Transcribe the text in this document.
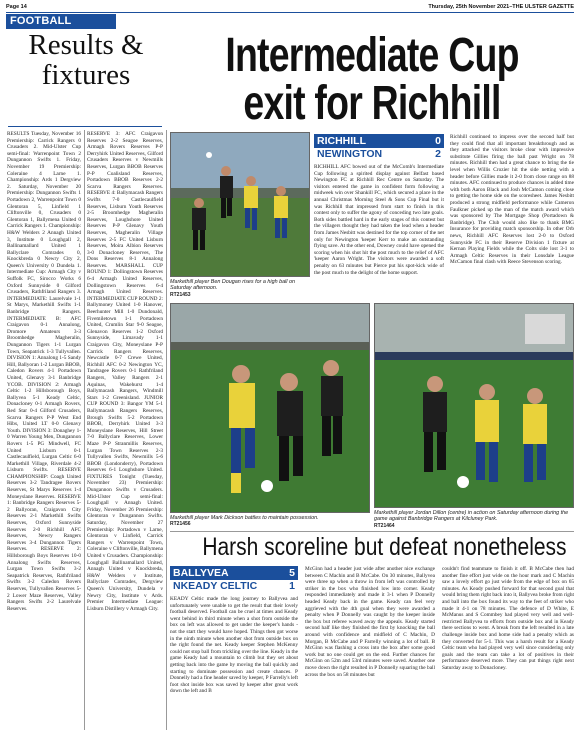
Page 14	Thursday, 25th November 2021–THE ULSTER GAZETTE
FOOTBALL
Results &
fixtures	Intermediate Cup
exit for Richhill
RESULTS Tuesday, November 16 Premiership: Carrick Rangers 0 Crusaders 2. Mid-Ulster Cup semi-final: Warrenpoint Town 2 Dungannon Swifts 1. Friday, November 19 Premiership: Coleraine 4 Larne 1. Championship: Ards 1 Dergview 2. Saturday, November 20 Premiership: Dungannon Swifts 1 Portadown 2, Warrenpoint Town 0 Glentoran 5, Linfield 1 Cliftonville 0, Crusaders 0 Glentoran 1, Ballymena United 0 Carrick Rangers 1. Championship: H&W Welders 2 Annagh United 3, Institute 0 Loughgall 2, Ballinamallard United 1 Ballyclare Comrades 0, Knockbreda 0 Newry City 2, Queen's University 0 Dundela 1. Intermediate Cup: Armagh City v Suffolk FC, Sirocco Works 6 Oxford Sunnyside 0 Gilford Crusaders, Rathfriland Rangers 3. INTERMEDIATE: Laurelvale 1-1 St Marys, Markethill Swifts 1-1 Banbridge Rangers. INTERMEDIATE B: AFC Craigavon 0-1 Annalong, Dromore Amateurs 3-3 Broomhedge Magheralin, Dungannon Tigers 1-1 Lurgan Town, Seapatrick 1-3 Tullyvallen. DIVISION 1: Annalong 1-5 Sandy Hill, Ballyoran 1-2 Lurgan BBOB, Caledon Rovers 4-1 Portadown United, Glenavy 3-1 Banbridge YCOB. DIVISION 2: Armagh Celtic 1-2 Hillsborough Boys, Ballyvea 5-1 Keady Celtic, Donacloney 0-1 Armagh Rovers, Red Star 0-4 Gilford Crusaders, Scarva Rangers P-P West End Hibs, United LT 0-0 Glenavy Youth. DIVISION 3: Donaghey 1-0 Warren Young Men, Dungannon Rovers 1-5 PG Mindwell, FC United Lisburn 0-1 Castlecaulfield, Lurgan Celtic 6-0 Markethill Village, Riverdale 4-2 Lisburn Swifts. RESERVE CHAMPIONSHIP: Coagh United Reserves 3-2 Tandragee Rovers Reserves, St Marys Reserves 1-4 Moneyslane Reserves. RESERVE 1: Banbridge Rangers Reserves 5-2 Ballyoran, Craigavon City Reserves 2-1 Markethill Swifts Reserves, Oxford Sunnyside Reserves 2-0 Richhill AFC Reserves, Newry Rangers Reserves 3-4 Dungannon Tigers Reserves. RESERVE 2: Hillsborough Boys Reserves 10-0 Annalong Swifts Reserves, Lurgan Town Swifts 3-2 Seapatrick Reserves, Rathfriland Swifts 3-2 Caledon Rovers Reserves, Tullyvallen Reserves 5-2 Lower Maze Reserves, Valley Rangers Swifts 2-2 Laurelvale Reserves.
RESERVE 3: AFC Craigavon Reserves 2-2 Seagoe Reserves, Armagh Rovers Reserves P-P Derryhirk United Reserves, Gilford Crusaders Reserves v Newmills Reserves, Lurgan BBOB Reserves P-P Coalisland Reserves, Portadown BBOB Reserves 2-2 Scarva Rangers Reserves. RESERVE 4: Ballymacash Rangers Swifts 7-0 Castlecaulfield Reserves, Lisburn Youth Reserves 2-5 Broomhedge Magheralin Reserves, Loughshore United Reserves P-P Glenavy Youth Reserves, Magheralin Village Reserves 2-5 FC United Lisburn Reserves, Moira Albion Reserves 3-0 Donacloney Reserves, The Dons Reserves 8-1 Annalong Reserves. MARSHALL CUP ROUND 1: Dollingstown Reserves 6-4 Armagh United Reserves, Dollingstown Reserves 6-4 Armagh United Reserves. INTERMEDIATE CUP ROUND 2: Ballymoney United 1-0 Hanover, Beerhunter Mill 1-0 Dundonald, Fivemiletown 1-1 Portadown United, Crumlin Star 9-0 Seagoe, Glenavon Reserves 1-2 Oxford Sunnyside, Limavady 1-1 Craigavon City, Moneyslane P-P Carrick Rangers Reserves, Newcastle 0-7 Crewe United, Richhill AFC 0-2 Newington YC, Tandragee Rovers 0-1 Rathfriland Rangers, Valley Rangers 2-1 Aquinas, Wakehurst 1-4 Ballymacash Rangers, Windmill Stars 1-2 Greenisland. JUNIOR CUP ROUND 3: Bangor YM 5-1 Ballymacash Rangers Reserves, Brough Swifts 5-2 Portadown BBOB, Derryhirk United 3-3 Moneyslane Reserves, Hill Street 7-0 Ballyclare Reserves, Lower Maze P-P Stranmillis Reserves, Lurgan Town Reserves 2-3 Tullyvallen Swifts, Newmills 5-6 BBOB (Londonderry), Portadown Reserves 6-1 Loughshore United. FIXTURES Tonight (Tuesday, November 23) Premiership: Dungannon Swifts v Crusaders. Mid-Ulster Cup semi-final: Loughgall v Annagh United. Friday, November 26 Premiership: Glentoran v Dungannon Swifts. Saturday, November 27 Premiership: Portadown v Larne, Glentoran v Linfield, Carrick Rangers v Warrenpoint Town, Coleraine v Cliftonville, Ballymena United v Crusaders. Championship: Loughgall Ballinamallard United, Annagh United v Knockbreda, H&W Welders v Institute, Ballyclare Comrades, Dergview Queen's University, Dundela v Newry City, Institute v Ards. Premier Intermediate League: Lisburn Distillery v Armagh City.
Markethill player Ben Dougan rises for a high ball on Saturday afternoon.
RT21453
RICHHILL	0
NEWINGTON	2
RICHHILL AFC bowed out of the McComb's Intermediate Cup following a spirited display against Belfast based Newington FC at Richhill Rec Centre on Saturday. The visitors entered the game in confident form following a midweek win over Shankill FC, which secured a place in the annual Christmas Morning Steel & Sons Cup Final but it was Richhill that impressed from start to finish in this contest only to suffer the agony of conceding two late goals. Both sides battled hard in the early stages of this contest but the villagers thought they had taken the lead when a header from James Nesbitt was destined for the top corner of the net only for Newington 'keeper Kerr to make an outstanding flying save. At the other end, Downey could have opened the scoring when his shot hit the post much to the relief of AFC 'keeper Aaron Wright. The visitors were awarded a soft penalty on 63 minutes but Pierce put his spot-kick wide of the post much to the delight of the home support.
Richhill continued to impress over the second half but they could find that all important breakthrough and as they attacked the visitors broke clear with impressive substitute Gillies firing the ball past Wright on 78 minutes. Richhill then had a great chance to bring the tie level when Willis Crozier hit the side netting with a header before Gillies made it 2-0 from close range on 88 minutes. AFC continued to produce chances in added time with both Aaron Black and Josh McCamon coming close to getting the home side on the scoresheet. James Nesbitt produced a strong midfield performance while Cameron Faulkner picked up the man of the match award which was sponsored by The Mortgage Shop (Portadown & Banbridge). The Club would also like to thank BMG Insurance for providing match sponsorship. In other Orb news, Richhill AFC Reserves lost 2-0 to Oxford Sunnyside FC in their Reserve Division 1 fixture at Kernan Playing Fields while the Colts side lost 3-1 to Armagh Celtic Reserves in their Lonsdale League McCamon final clash with Reece Stevenson scoring.
Markethill player Mark Dickson battles to maintain possession.
RT21456
Markethill player Jordan Dillon (centre) in action on Saturday afternoon during the game against Banbridge Rangers at Kilcluney Park.
RT21464
Harsh scoreline but defeat nonetheless
BALLYVEA	5
NKEADY CELTIC	1
KEADY Celtic made the long journey to Ballyvea and unfortunately were unable to get the result that their lovely football deserved. Football can be cruel at times and Keady went behind in third minute when a shot from outside the box on left was allowed to get under the keeper's hands - not the start they would have hoped. Things then got worse in the ninth minute when another shot from outside box on the right found the net. Keady keeper Stephen McKenny could not stop ball from trickling over the line. Keady in the game Keady had a mountain to climb but they set about getting back into the game by moving the ball quickly and starting to dominate possession and create chances. P Donnelly had a fine header saved by keeper, P Farrelly's left foot shot inside box was saved by keeper after great work down the left and B
McGinn had a header just wide after another nice exchange between C Machin and B McCabe. On 30 minutes, Ballyvea were three up when a throw in from left was controlled by striker in the box who finished low into corner. Keady responded immediately and made it 3-1 when P Donnelly headed Keady back in the game. Keady can feel very aggrieved with the 4th goal when they were awarded a penalty when P Donnelly was caught by the keeper inside the box but referee waved away the appeals. Keady started second half like they finished the first by knocking the ball around with confidence and midfield of C Machin, D Morgan, B McCabe and P Farrelly winning a lot of ball. B McGinn was flashing a cross into the box after some good work but no one could get on the end. Further chances for McGinn on 52m and 53rd minutes were saved. Another one move down the right resulted in P Donnelly squaring the ball across the box on 58 minutes but
couldn't find teammate to finish it off. B McCabe then had another fine effort just wide on the hour mark and C Machin saw a lovely effort go just wide from the edge of box on 65 minutes. As Keady pushed forward for that second goal that would bring them right back into it, Ballyvea broke from right and ball into the box found its way to the feet of striker who made it 4-1 on 78 minutes. The defence of D White, E McManus and S Commbey had played very well and well-restricted Ballyvea to efforts from outside box and in Keady there sections to went. A break from the left resulted in a late challenge inside box and home side had a penalty which as they converted for 5-1. This was a harsh result for a Keady Celtic team who had played very well since considering only goals and the team can take a lot of positives in their performance deserved more. They can put things right next Saturday away to Donacloney.
